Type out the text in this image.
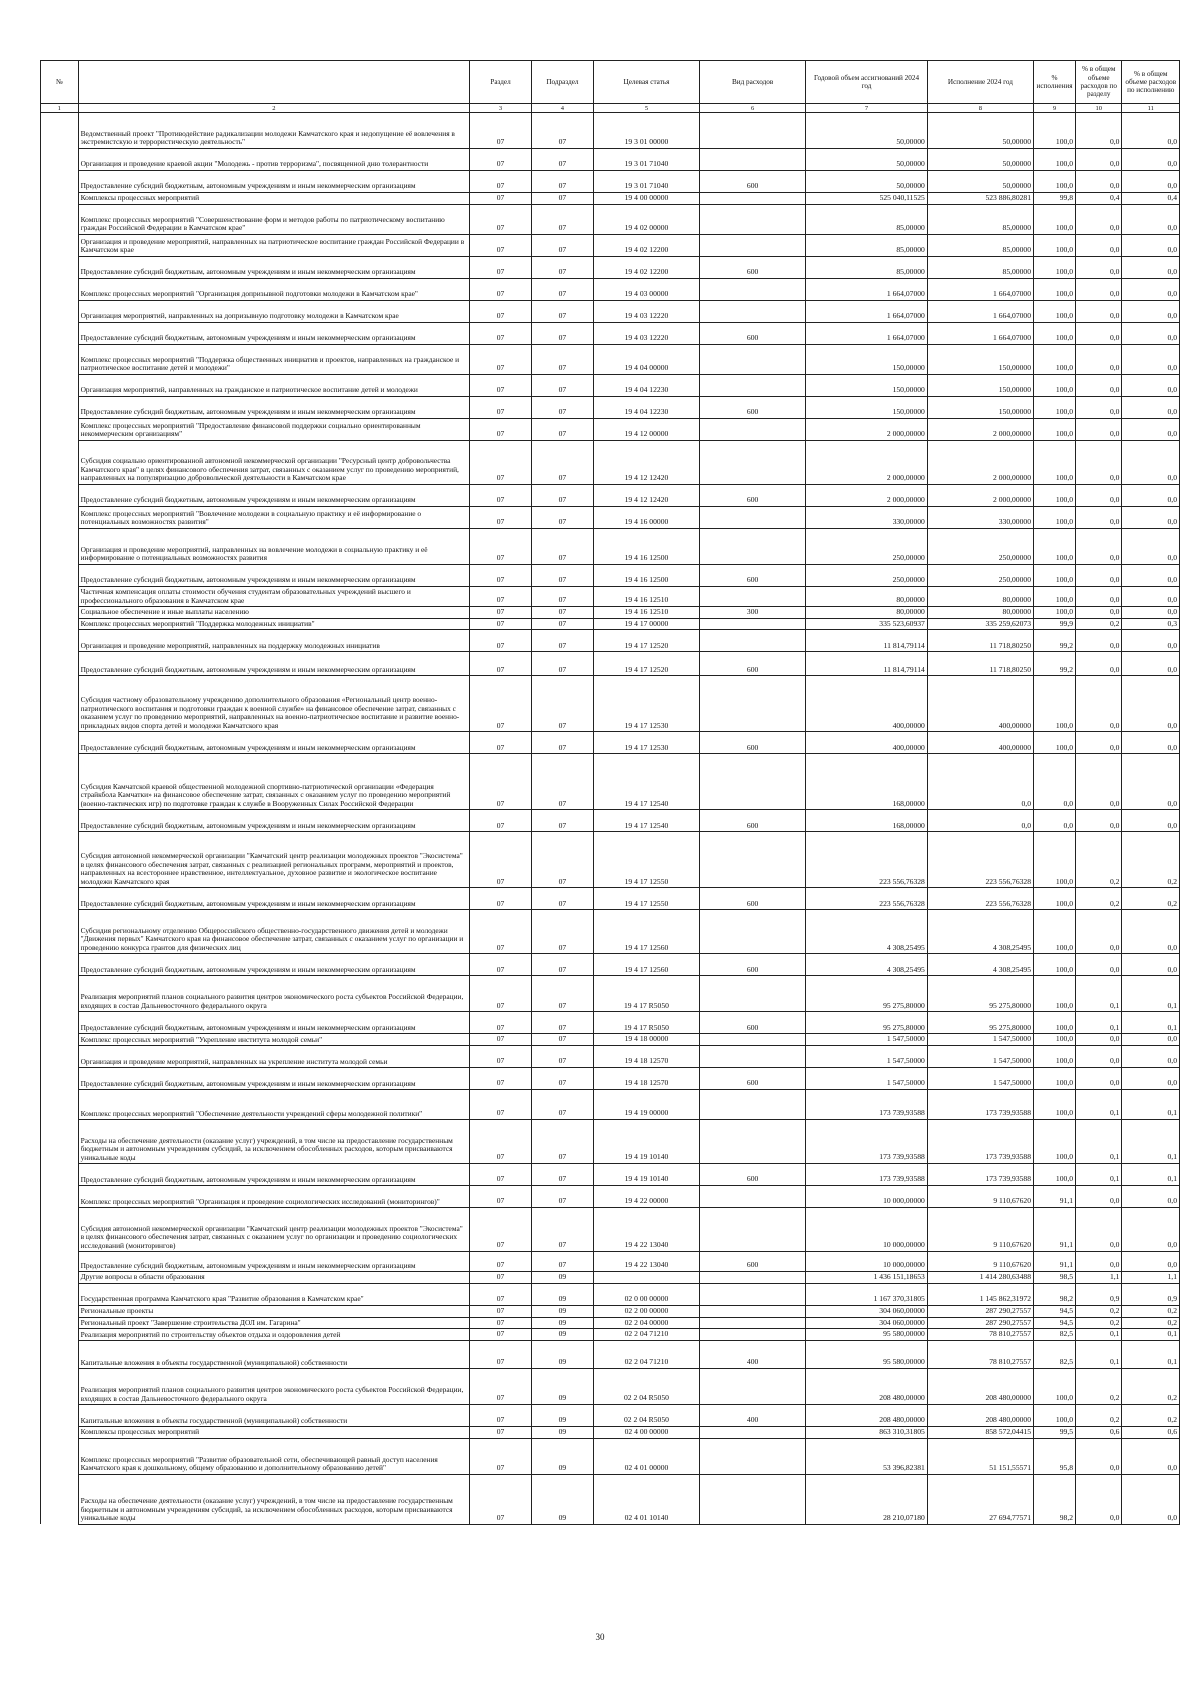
№		Раздел	Подраздел	Целевая статья	Вид расходов	Годовой объем ассигнований 2024 год	Исполнение 2024 год	% исполнения	% в общем объеме расходов по разделу	% в общем объеме расходов по исполнению
1	2	3	4	5	6	7	8	9	10	11
	Ведомственный проект "Противодействие радикализации молодежи Камчатского края и недопущение её вовлечения в экстремистскую и террористическую деятельность"	07	07	19 3 01 00000		50,00000	50,00000	100,0	0,0	0,0
	Организация и проведение краевой акции "Молодежь - против терроризма", посвященной дню толерантности	07	07	19 3 01 71040		50,00000	50,00000	100,0	0,0	0,0
	Предоставление субсидий бюджетным, автономным учреждениям и иным некоммерческим организациям	07	07	19 3 01 71040	600	50,00000	50,00000	100,0	0,0	0,0
	Комплексы процессных мероприятий	07	07	19 4 00 00000		525 040,11525	523 886,80281	99,8	0,4	0,4
	Комплекс процессных мероприятий "Совершенствование форм и методов работы по патриотическому воспитанию граждан Российской Федерации в Камчатском крае"	07	07	19 4 02 00000		85,00000	85,00000	100,0	0,0	0,0
	Организация и проведение мероприятий, направленных на патриотическое воспитание граждан Российской Федерации в Камчатском крае	07	07	19 4 02 12200		85,00000	85,00000	100,0	0,0	0,0
	Предоставление субсидий бюджетным, автономным учреждениям и иным некоммерческим организациям	07	07	19 4 02 12200	600	85,00000	85,00000	100,0	0,0	0,0
	Комплекс процессных мероприятий "Организация допризывной подготовки молодежи в Камчатском крае"	07	07	19 4 03 00000		1 664,07000	1 664,07000	100,0	0,0	0,0
	Организация мероприятий, направленных на допризывную подготовку молодежи в Камчатском крае	07	07	19 4 03 12220		1 664,07000	1 664,07000	100,0	0,0	0,0
	Предоставление субсидий бюджетным, автономным учреждениям и иным некоммерческим организациям	07	07	19 4 03 12220	600	1 664,07000	1 664,07000	100,0	0,0	0,0
	Комплекс процессных мероприятий "Поддержка общественных инициатив и проектов, направленных на гражданское и патриотическое воспитание детей и молодежи"	07	07	19 4 04 00000		150,00000	150,00000	100,0	0,0	0,0
	Организация мероприятий, направленных на гражданское и патриотическое воспитание детей и молодежи	07	07	19 4 04 12230		150,00000	150,00000	100,0	0,0	0,0
	Предоставление субсидий бюджетным, автономным учреждениям и иным некоммерческим организациям	07	07	19 4 04 12230	600	150,00000	150,00000	100,0	0,0	0,0
	Комплекс процессных мероприятий "Предоставление финансовой поддержки социально ориентированным некоммерческим организациям"	07	07	19 4 12 00000		2 000,00000	2 000,00000	100,0	0,0	0,0
	Субсидия социально ориентированной автономной некоммерческой организации "Ресурсный центр добровольчества Камчатского края" в целях финансового обеспечения затрат, связанных с оказанием услуг по проведению мероприятий, направленных на популяризацию добровольческой деятельности в Камчатском крае	07	07	19 4 12 12420		2 000,00000	2 000,00000	100,0	0,0	0,0
	Предоставление субсидий бюджетным, автономным учреждениям и иным некоммерческим организациям	07	07	19 4 12 12420	600	2 000,00000	2 000,00000	100,0	0,0	0,0
	Комплекс процессных мероприятий "Вовлечение молодежи в социальную практику и её информирование о потенциальных возможностях развития"	07	07	19 4 16 00000		330,00000	330,00000	100,0	0,0	0,0
	Организация и проведение мероприятий, направленных на вовлечение молодежи в социальную практику и её информирование о потенциальных возможностях развития	07	07	19 4 16 12500		250,00000	250,00000	100,0	0,0	0,0
	Предоставление субсидий бюджетным, автономным учреждениям и иным некоммерческим организациям	07	07	19 4 16 12500	600	250,00000	250,00000	100,0	0,0	0,0
	Частичная компенсация оплаты стоимости обучения студентам образовательных учреждений высшего и профессионального образования в Камчатском крае	07	07	19 4 16 12510		80,00000	80,00000	100,0	0,0	0,0
	Социальное обеспечение и иные выплаты населению	07	07	19 4 16 12510	300	80,00000	80,00000	100,0	0,0	0,0
	Комплекс процессных мероприятий "Поддержка молодежных инициатив"	07	07	19 4 17 00000		335 523,60937	335 259,62073	99,9	0,2	0,3
	Организация и проведение мероприятий, направленных на поддержку молодежных инициатив	07	07	19 4 17 12520		11 814,79114	11 718,80250	99,2	0,0	0,0
	Предоставление субсидий бюджетным, автономным учреждениям и иным некоммерческим организациям	07	07	19 4 17 12520	600	11 814,79114	11 718,80250	99,2	0,0	0,0
	Субсидия частному образовательному учреждению дополнительного образования «Региональный центр военно-патриотического воспитания и подготовки граждан к военной службе» на финансовое обеспечение затрат, связанных с оказанием услуг по проведению мероприятий, направленных на военно-патриотическое воспитание и развитие военно-прикладных видов спорта детей и молодежи Камчатского края	07	07	19 4 17 12530		400,00000	400,00000	100,0	0,0	0,0
	Предоставление субсидий бюджетным, автономным учреждениям и иным некоммерческим организациям	07	07	19 4 17 12530	600	400,00000	400,00000	100,0	0,0	0,0
	Субсидия Камчатской краевой общественной молодежной спортивно-патриотической организации «Федерация страйкбола Камчатки» на финансовое обеспечение затрат, связанных с оказанием услуг по проведению мероприятий (военно-тактических игр) по подготовке граждан к службе в Вооруженных Силах Российской Федерации	07	07	19 4 17 12540		168,00000	0,0	0,0	0,0	0,0
	Предоставление субсидий бюджетным, автономным учреждениям и иным некоммерческим организациям	07	07	19 4 17 12540	600	168,00000	0,0	0,0	0,0	0,0
	Субсидия автономной некоммерческой организации "Камчатский центр реализации молодежных проектов "Экосистема" в целях финансового обеспечения затрат, связанных с реализацией региональных программ, мероприятий и проектов, направленных на всестороннее нравственное, интеллектуальное, духовное развитие и экологическое воспитание молодежи Камчатского края	07	07	19 4 17 12550		223 556,76328	223 556,76328	100,0	0,2	0,2
	Предоставление субсидий бюджетным, автономным учреждениям и иным некоммерческим организациям	07	07	19 4 17 12550	600	223 556,76328	223 556,76328	100,0	0,2	0,2
	Субсидия региональному отделению Общероссийского общественно-государственного движения детей и молодежи "Движения первых" Камчатского края на финансовое обеспечение затрат, связанных с оказанием услуг по организации и проведению конкурса грантов для физических лиц	07	07	19 4 17 12560		4 308,25495	4 308,25495	100,0	0,0	0,0
	Предоставление субсидий бюджетным, автономным учреждениям и иным некоммерческим организациям	07	07	19 4 17 12560	600	4 308,25495	4 308,25495	100,0	0,0	0,0
	Реализация мероприятий планов социального развития центров экономического роста субъектов Российской Федерации, входящих в состав Дальневосточного федерального округа	07	07	19 4 17 R5050		95 275,80000	95 275,80000	100,0	0,1	0,1
	Предоставление субсидий бюджетным, автономным учреждениям и иным некоммерческим организациям	07	07	19 4 17 R5050	600	95 275,80000	95 275,80000	100,0	0,1	0,1
	Комплекс процессных мероприятий "Укрепление института молодой семьи"	07	07	19 4 18 00000		1 547,50000	1 547,50000	100,0	0,0	0,0
	Организация и проведение мероприятий, направленных на укрепление института молодой семьи	07	07	19 4 18 12570		1 547,50000	1 547,50000	100,0	0,0	0,0
	Предоставление субсидий бюджетным, автономным учреждениям и иным некоммерческим организациям	07	07	19 4 18 12570	600	1 547,50000	1 547,50000	100,0	0,0	0,0
	Комплекс процессных мероприятий "Обеспечение деятельности учреждений сферы молодежной политики"	07	07	19 4 19 00000		173 739,93588	173 739,93588	100,0	0,1	0,1
	Расходы на обеспечение деятельности (оказание услуг) учреждений, в том числе на предоставление государственным бюджетным и автономным учреждениям субсидий, за исключением обособленных расходов, которым присваиваются уникальные коды	07	07	19 4 19 10140		173 739,93588	173 739,93588	100,0	0,1	0,1
	Предоставление субсидий бюджетным, автономным учреждениям и иным некоммерческим организациям	07	07	19 4 19 10140	600	173 739,93588	173 739,93588	100,0	0,1	0,1
	Комплекс процессных мероприятий "Организация и проведение социологических исследований (мониторингов)"	07	07	19 4 22 00000		10 000,00000	9 110,67620	91,1	0,0	0,0
	Субсидия автономной некоммерческой организации "Камчатский центр реализации молодежных проектов "Экосистема" в целях финансового обеспечения затрат, связанных с оказанием услуг по организации и проведению социологических исследований (мониторингов)	07	07	19 4 22 13040		10 000,00000	9 110,67620	91,1	0,0	0,0
	Предоставление субсидий бюджетным, автономным учреждениям и иным некоммерческим организациям	07	07	19 4 22 13040	600	10 000,00000	9 110,67620	91,1	0,0	0,0
	Другие вопросы в области образования	07	09			1 436 151,18653	1 414 280,63488	98,5	1,1	1,1
	Государственная программа Камчатского края "Развитие образования в Камчатском крае"	07	09	02 0 00 00000		1 167 370,31805	1 145 862,31972	98,2	0,9	0,9
	Региональные проекты	07	09	02 2 00 00000		304 060,00000	287 290,27557	94,5	0,2	0,2
	Региональный проект "Завершение строительства ДОЛ им. Гагарина"	07	09	02 2 04 00000		304 060,00000	287 290,27557	94,5	0,2	0,2
	Реализация мероприятий по строительству объектов отдыха и оздоровления детей	07	09	02 2 04 71210		95 580,00000	78 810,27557	82,5	0,1	0,1
	Капитальные вложения в объекты государственной (муниципальной) собственности	07	09	02 2 04 71210	400	95 580,00000	78 810,27557	82,5	0,1	0,1
	Реализация мероприятий планов социального развития центров экономического роста субъектов Российской Федерации, входящих в состав Дальневосточного федерального округа	07	09	02 2 04 R5050		208 480,00000	208 480,00000	100,0	0,2	0,2
	Капитальные вложения в объекты государственной (муниципальной) собственности	07	09	02 2 04 R5050	400	208 480,00000	208 480,00000	100,0	0,2	0,2
	Комплексы процессных мероприятий	07	09	02 4 00 00000		863 310,31805	858 572,04415	99,5	0,6	0,6
	Комплекс процессных мероприятий "Развитие образовательной сети, обеспечивающей равный доступ населения Камчатского края к дошкольному, общему образованию и дополнительному образованию детей"	07	09	02 4 01 00000		53 396,82381	51 151,55571	95,8	0,0	0,0
	Расходы на обеспечение деятельности (оказание услуг) учреждений, в том числе на предоставление государственным бюджетным и автономным учреждениям субсидий, за исключением обособленных расходов, которым присваиваются уникальные коды	07	09	02 4 01 10140		28 210,07180	27 694,77571	98,2	0,0	0,0
30
